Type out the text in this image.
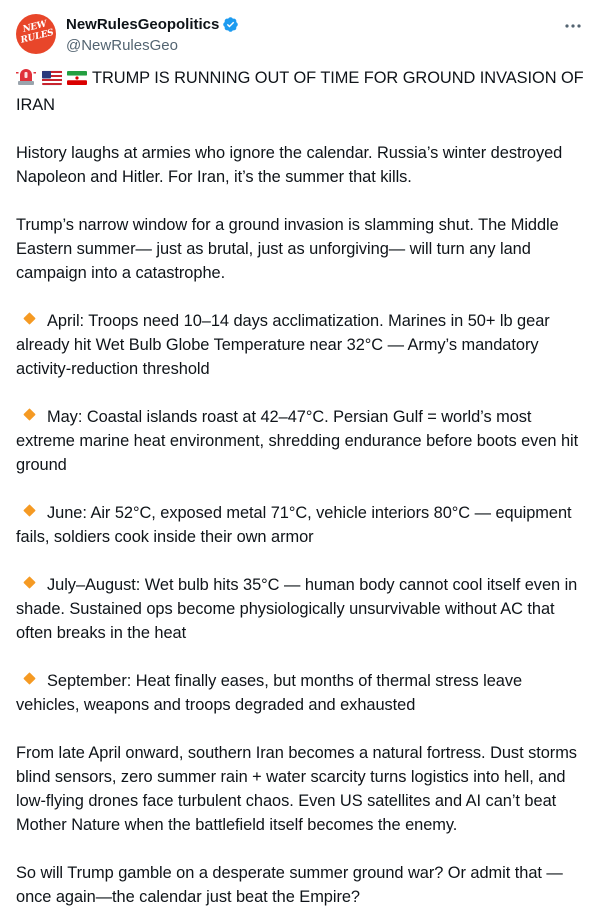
NEW RULES
NewRulesGeopolitics
@NewRulesGeo

TRUMP IS RUNNING OUT OF TIME FOR GROUND INVASION OF IRAN

History laughs at armies who ignore the calendar. Russia’s winter destroyed Napoleon and Hitler. For Iran, it’s the summer that kills.

Trump’s narrow window for a ground invasion is slamming shut. The Middle Eastern summer— just as brutal, just as unforgiving— will turn any land campaign into a catastrophe.

April: Troops need 10–14 days acclimatization. Marines in 50+ lb gear already hit Wet Bulb Globe Temperature near 32°C — Army’s mandatory activity-reduction threshold

May: Coastal islands roast at 42–47°C. Persian Gulf = world’s most extreme marine heat environment, shredding endurance before boots even hit ground

June: Air 52°C, exposed metal 71°C, vehicle interiors 80°C — equipment fails, soldiers cook inside their own armor

July–August: Wet bulb hits 35°C — human body cannot cool itself even in shade. Sustained ops become physiologically unsurvivable without AC that often breaks in the heat

September: Heat finally eases, but months of thermal stress leave vehicles, weapons and troops degraded and exhausted

From late April onward, southern Iran becomes a natural fortress. Dust storms blind sensors, zero summer rain + water scarcity turns logistics into hell, and low-flying drones face turbulent chaos. Even US satellites and AI can’t beat Mother Nature when the battlefield itself becomes the enemy.

So will Trump gamble on a desperate summer ground war? Or admit that —once again—the calendar just beat the Empire?
